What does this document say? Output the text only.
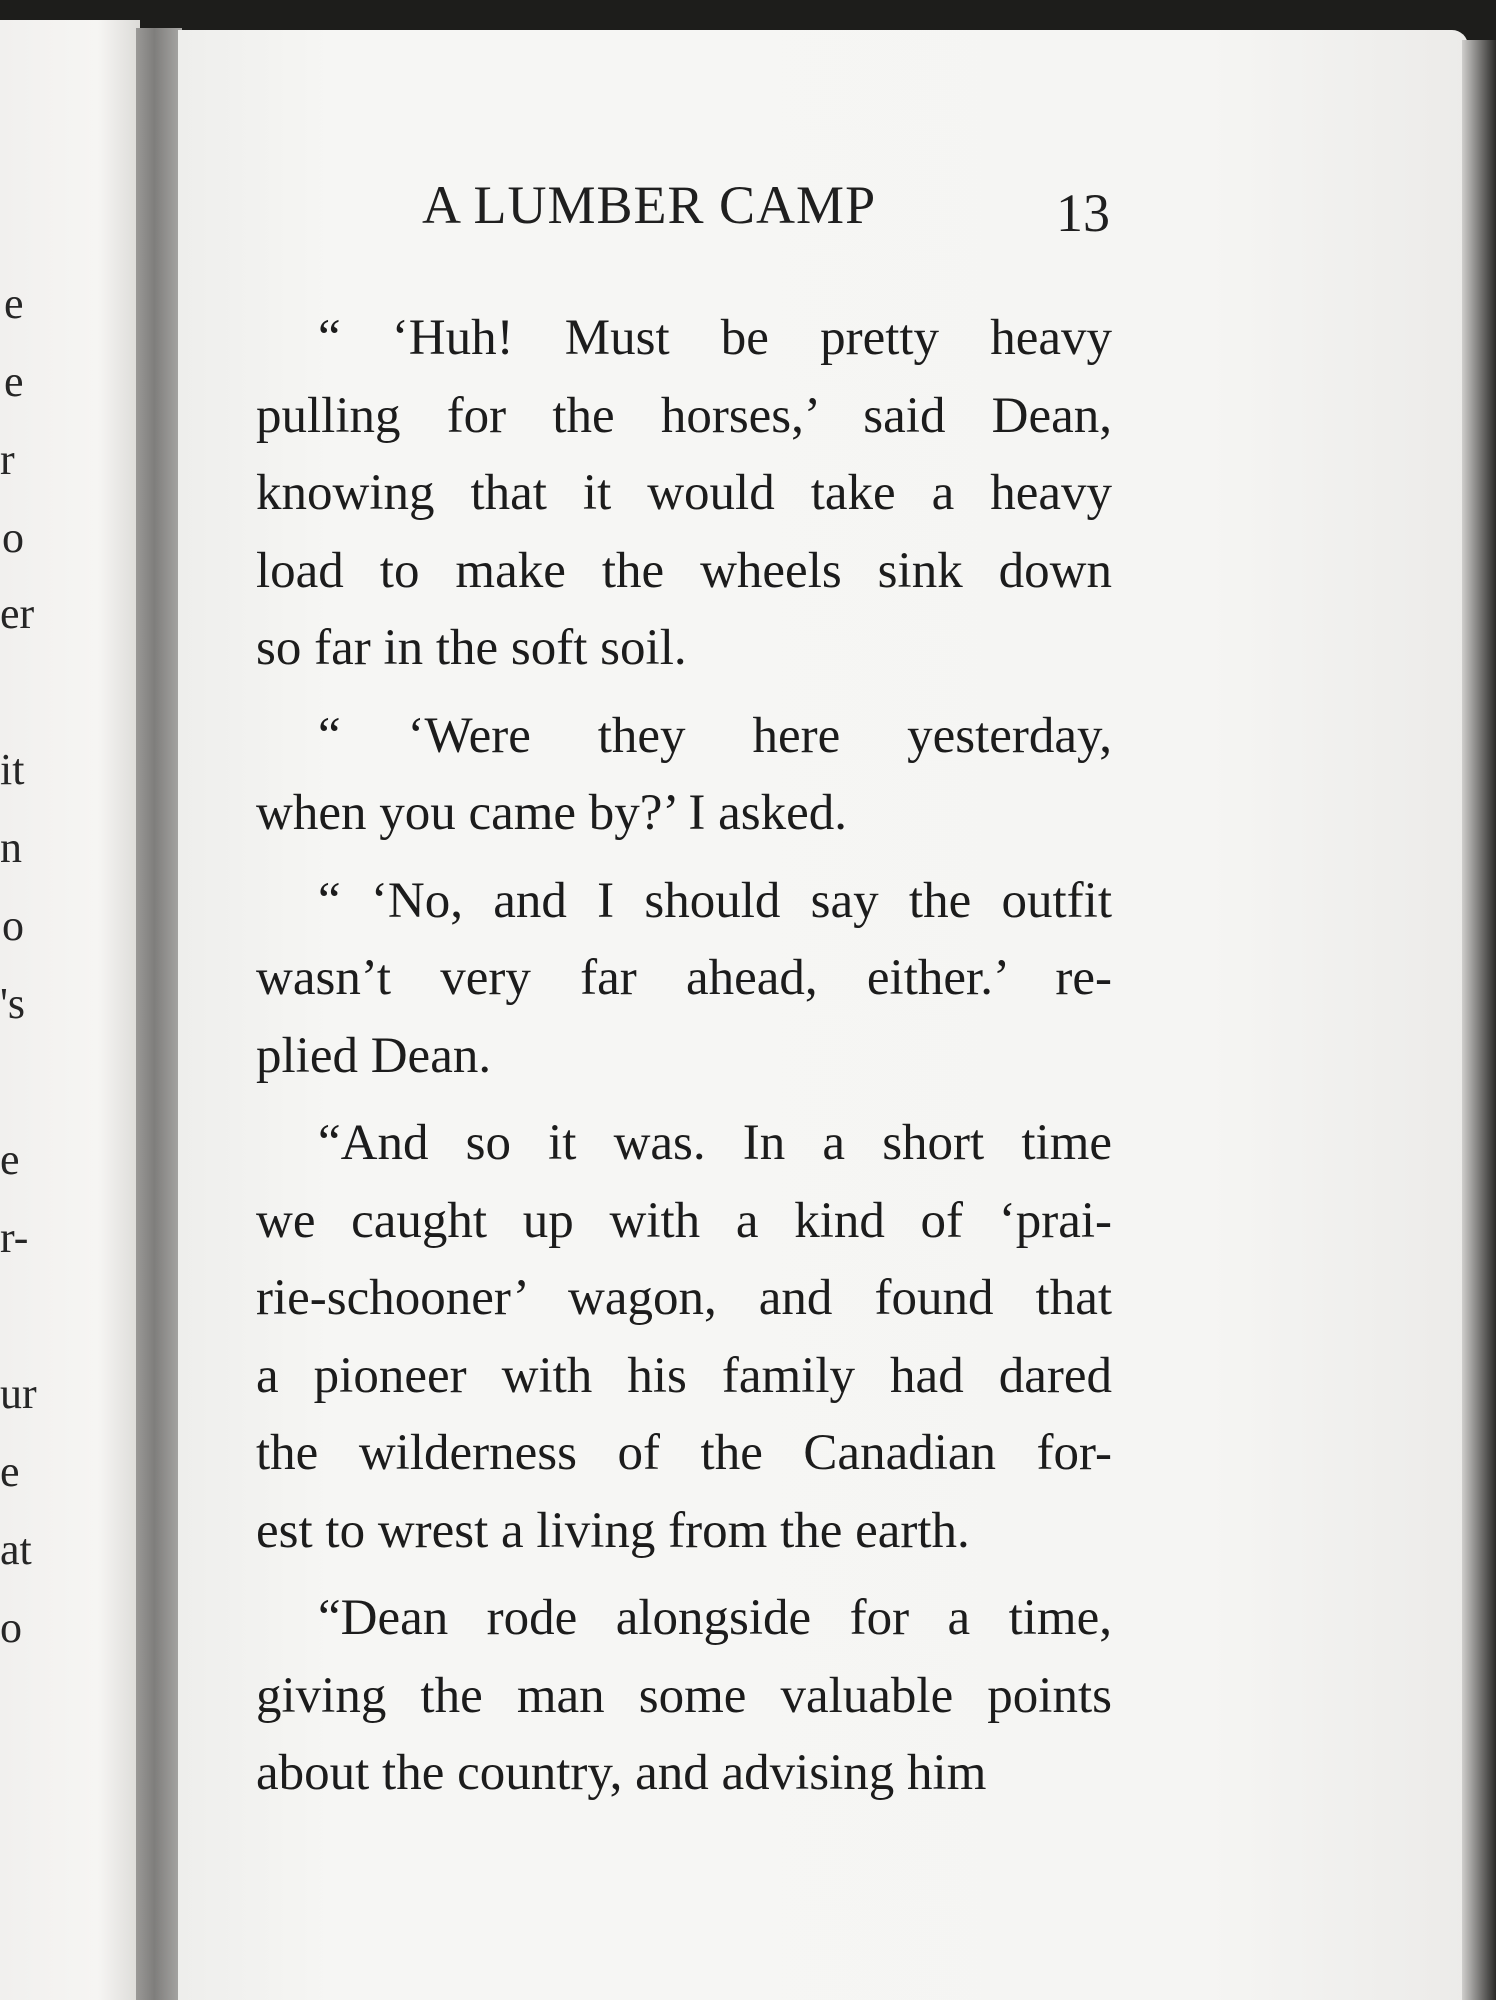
e
e
r
o
er
it
n
o
's
e
r-
ur
e
at
o
A LUMBER CAMP	13
“ ‘Huh! Must be pretty heavy
pulling for the horses,’ said Dean,
knowing that it would take a heavy
load to make the wheels sink down
so far in the soft soil.
“ ‘Were they here yesterday,
when you came by?’ I asked.
“ ‘No, and I should say the outfit
wasn’t very far ahead, either.’ re-
plied Dean.
“And so it was. In a short time
we caught up with a kind of ‘prai-
rie-schooner’ wagon, and found that
a pioneer with his family had dared
the wilderness of the Canadian for-
est to wrest a living from the earth.
“Dean rode alongside for a time,
giving the man some valuable points
about the country, and advising him
